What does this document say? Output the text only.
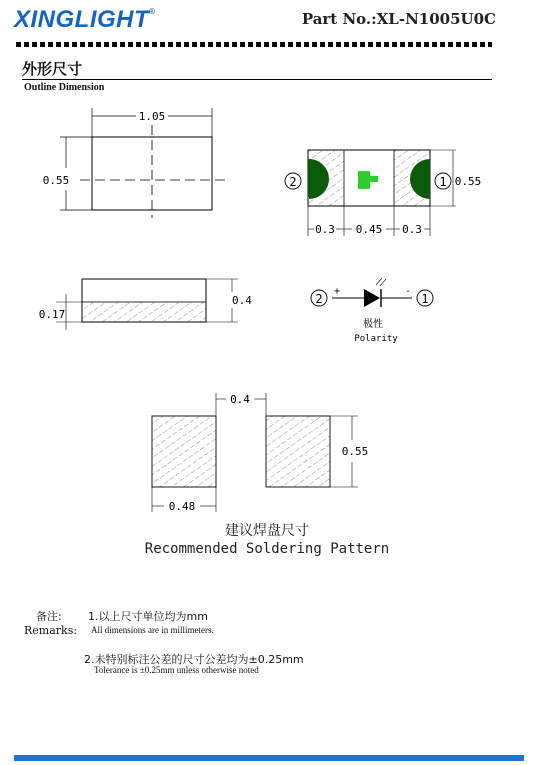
XINGLIGHT
®	Part No.:XL-N1005U0C
外形尺寸
Outline Dimension
1.05
0.55	2	1 0.55
0.3 0.45 0.3
0.4
0.17
2
+	-
1
极性
Polarity
0.4
0.55
0.48
建议焊盘尺寸
Recommended Soldering Pattern
备注:
Remarks:
1.以上尺寸单位均为mm
All dimensions are in millimeters.
2.未特别标注公差的尺寸公差均为±0.25mm
Tolerance is ±0.25mm unless otherwise noted
